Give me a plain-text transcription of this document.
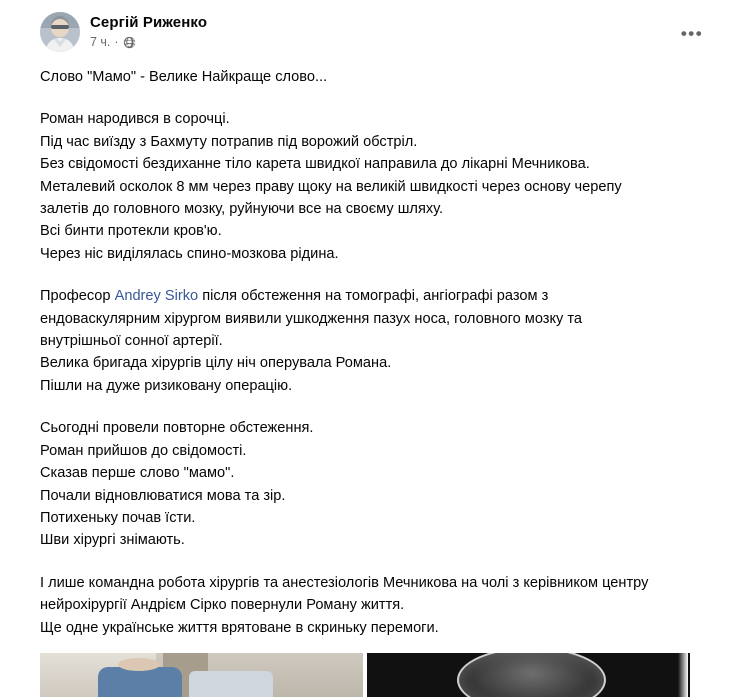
Сергій Риженко
7 ч. ·	•••

Слово "Мамо" - Велике Найкраще слово...

Роман народився в сорочці.

Під час виїзду з Бахмуту потрапив під ворожий обстріл.

Без свідомості бездиханне тіло карета швидкої направила до лікарні Мечникова.

Металевий осколок 8 мм через праву щоку на великій швидкості через основу черепу

залетів до головного мозку, руйнуючи все на своєму шляху.

Всі бинти протекли кров'ю.

Через ніс виділялась спино-мозкова рідина.

Професор Andrey Sirko після обстеження на томографі, ангіографі разом з

ендоваскулярним хірургом виявили ушкодження пазух носа, головного мозку та

внутрішньої сонної артерії.

Велика бригада хірургів цілу ніч оперувала Романа.

Пішли на дуже ризиковану операцію.

Сьогодні провели повторне обстеження.

Роман прийшов до свідомості.

Сказав перше слово "мамо".

Почали відновлюватися мова та зір.

Потихеньку почав їсти.

Шви хірургі знімають.

І лише командна робота хірургів та анестезіологів Мечникова на чолі з керівником центру

нейрохірургії Андрієм Сірко повернули Роману життя.

Ще одне українське життя врятоване в скриньку перемоги.
